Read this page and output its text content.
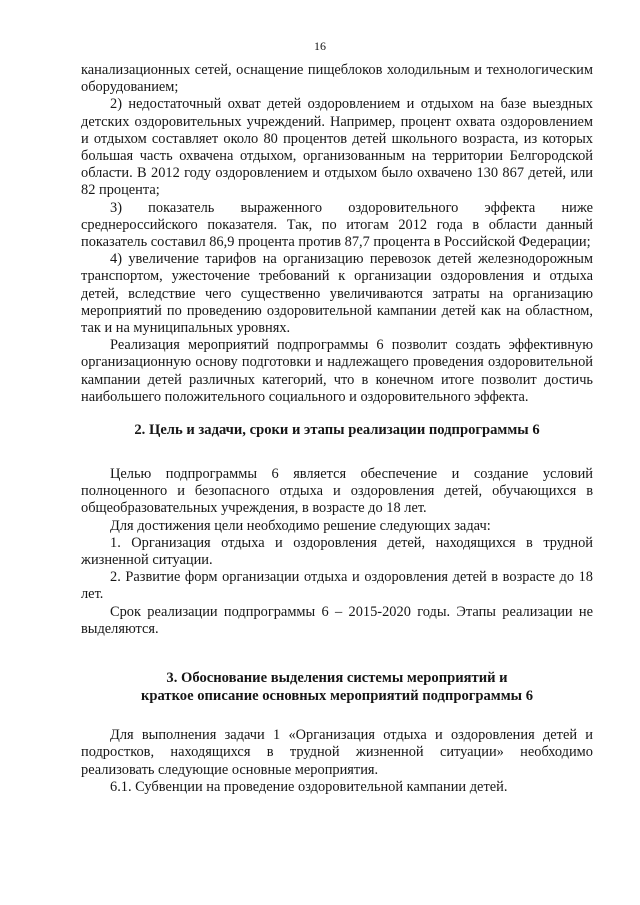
16

канализационных сетей, оснащение пищеблоков холодильным и технологическим оборудованием;

2) недостаточный охват детей оздоровлением и отдыхом на базе выездных детских оздоровительных учреждений. Например, процент охвата оздоровлением и отдыхом составляет около 80 процентов детей школьного возраста, из которых большая часть охвачена отдыхом, организованным на территории Белгородской области. В 2012 году оздоровлением и отдыхом было охвачено 130 867 детей, или 82 процента;

3) показатель выраженного оздоровительного эффекта ниже среднероссийского показателя. Так, по итогам 2012 года в области данный показатель составил 86,9 процента против 87,7 процента в Российской Федерации;

4) увеличение тарифов на организацию перевозок детей железнодорожным транспортом, ужесточение требований к организации оздоровления и отдыха детей, вследствие чего существенно увеличиваются затраты на организацию мероприятий по проведению оздоровительной кампании детей как на областном, так и на муниципальных уровнях.

Реализация мероприятий подпрограммы 6 позволит создать эффективную организационную основу подготовки и надлежащего проведения оздоровительной кампании детей различных категорий, что в конечном итоге позволит достичь наибольшего положительного социального и оздоровительного эффекта.

2. Цель и задачи, сроки и этапы реализации подпрограммы 6

Целью подпрограммы 6 является обеспечение и создание условий полноценного и безопасного отдыха и оздоровления детей, обучающихся в общеобразовательных учреждения, в возрасте до 18 лет.

Для достижения цели необходимо решение следующих задач:

1. Организация отдыха и оздоровления детей, находящихся в трудной жизненной ситуации.

2. Развитие форм организации отдыха и оздоровления детей в возрасте до 18 лет.

Срок реализации подпрограммы 6 – 2015-2020 годы. Этапы реализации не выделяются.

3. Обоснование выделения системы мероприятий и
краткое описание основных мероприятий подпрограммы 6

Для выполнения задачи 1 «Организация отдыха и оздоровления детей и подростков, находящихся в трудной жизненной ситуации» необходимо реализовать следующие основные мероприятия.

6.1. Субвенции на проведение оздоровительной кампании детей.
